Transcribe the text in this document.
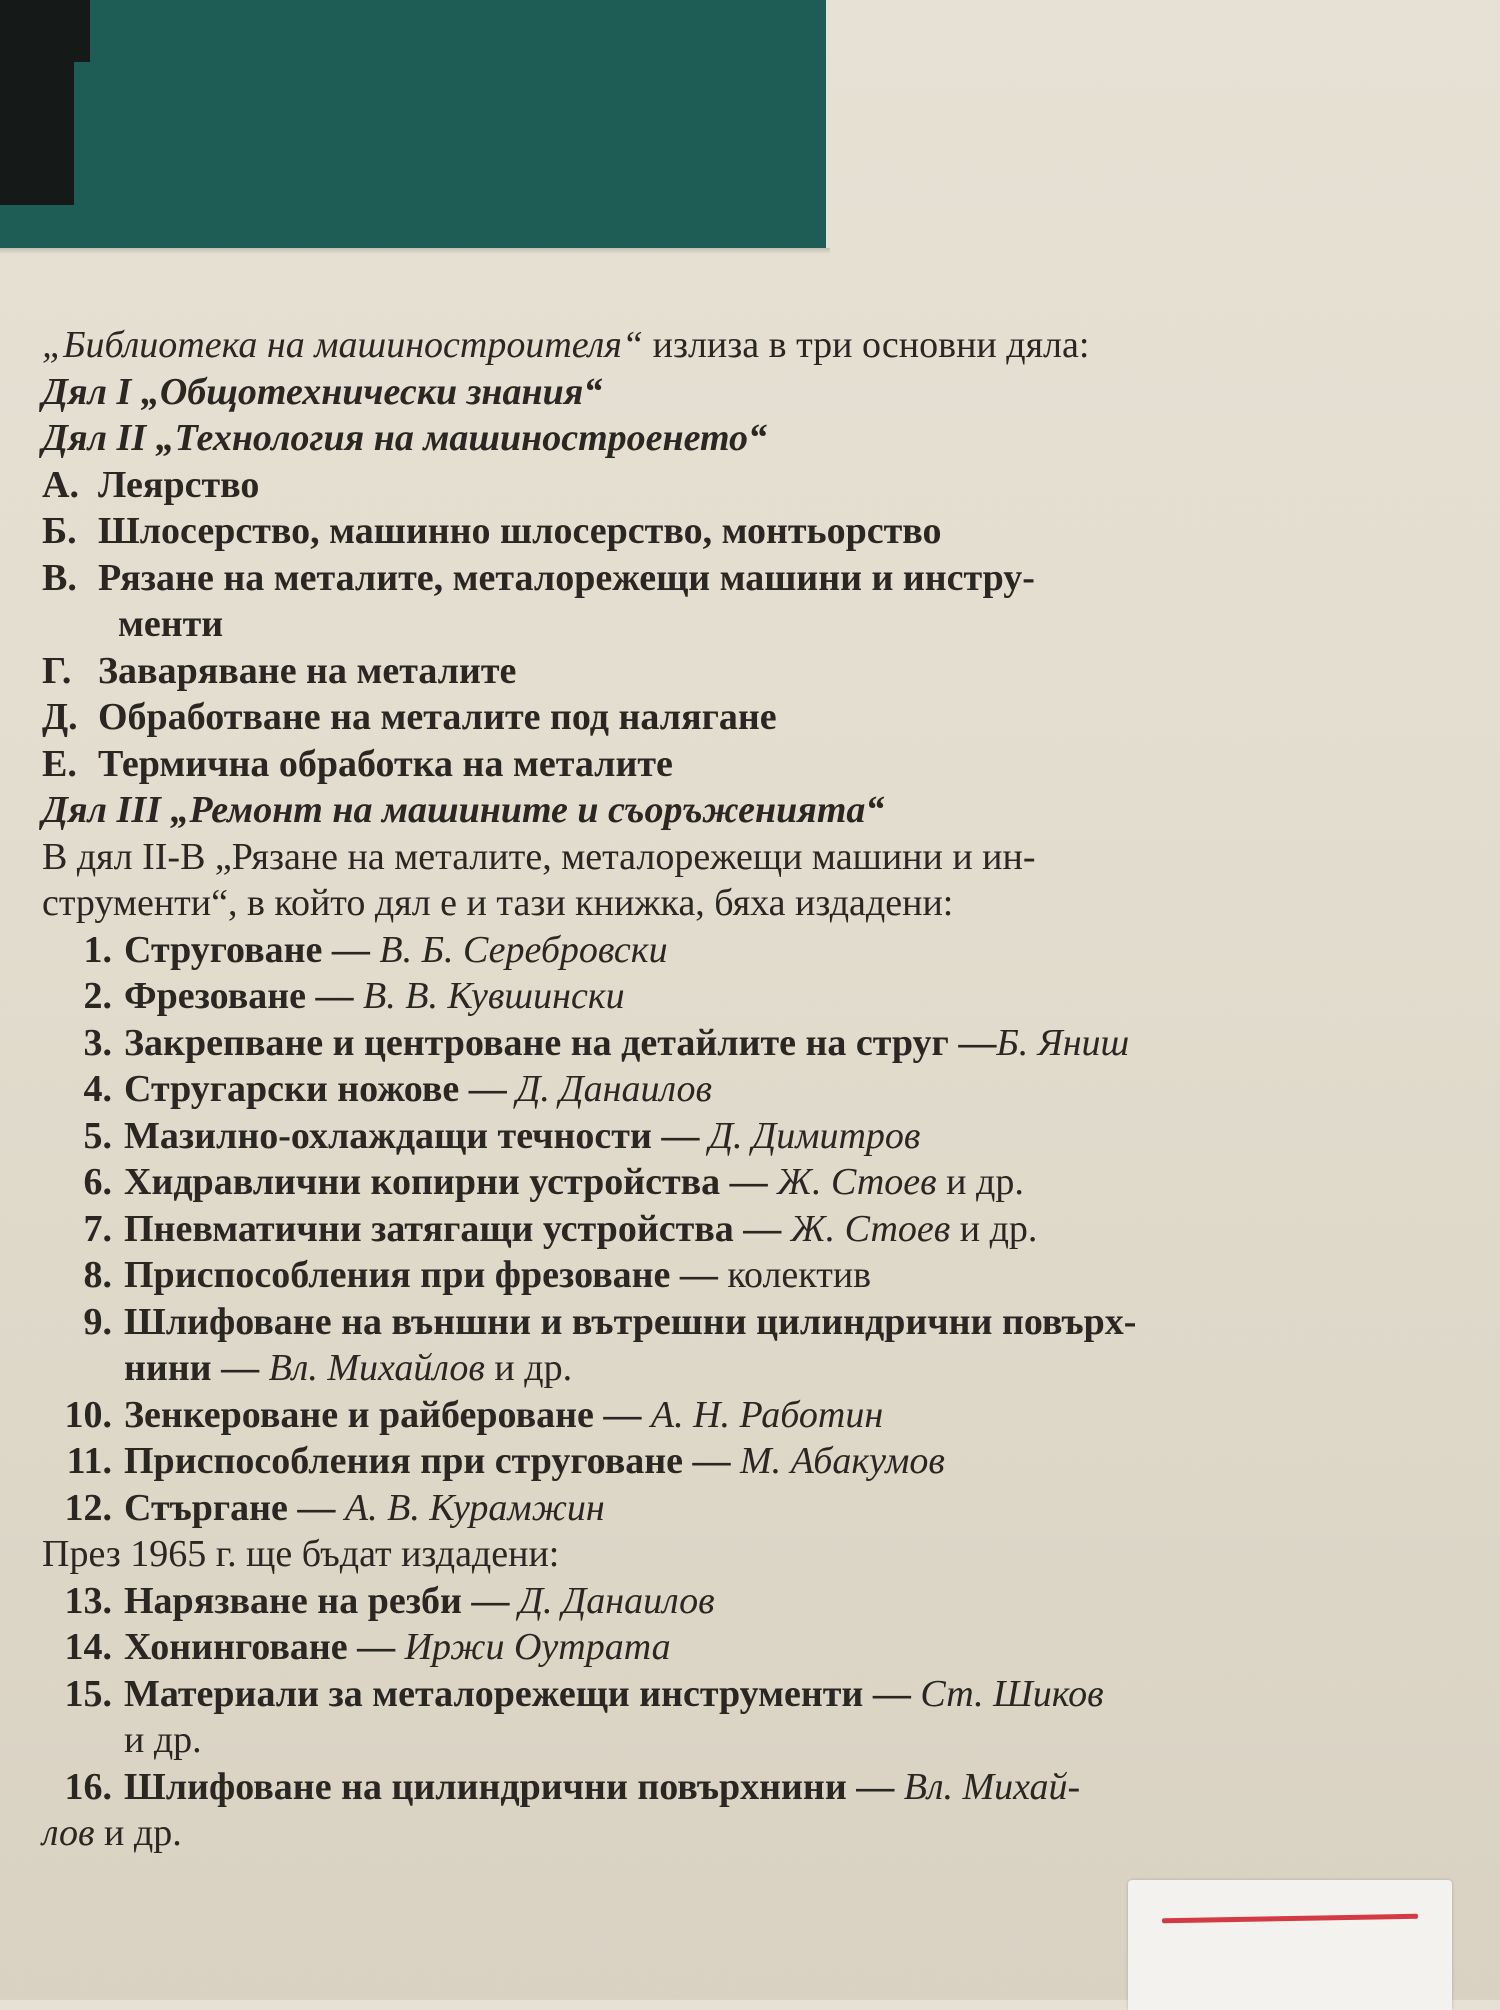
„Библиотека на машиностроителя“ излиза в три основни дяла:
Дял I „Общотехнически знания“
Дял II „Технология на машиностроенето“
А. Леярство
Б. Шлосерство, машинно шлосерство, монтьорство
В. Рязане на металите, металорежещи машини и инстру-
менти
Г. Заваряване на металите
Д. Обработване на металите под налягане
Е. Термична обработка на металите
Дял III „Ремонт на машините и съоръженията“
В дял II-В „Рязане на металите, металорежещи машини и ин-
струменти“, в който дял е и тази книжка, бяха издадени:
1. Струговане — В. Б. Серебровски
2. Фрезоване — В. В. Кувшински
3. Закрепване и центроване на детайлите на струг —Б. Яниш
4. Стругарски ножове — Д. Данаилов
5. Мазилно-охлаждащи течности — Д. Димитров
6. Хидравлични копирни устройства — Ж. Стоев и др.
7. Пневматични затягащи устройства — Ж. Стоев и др.
8. Приспособления при фрезоване — колектив
9. Шлифоване на външни и вътрешни цилиндрични повърх-
нини — Вл. Михайлов и др.
10. Зенкероване и райбероване — А. Н. Работин
11. Приспособления при струговане — М. Абакумов
12. Стъргане — А. В. Курамжин
През 1965 г. ще бъдат издадени:
13. Нарязване на резби — Д. Данаилов
14. Хонинговане — Иржи Оутрата
15. Материали за металорежещи инструменти — Ст. Шиков
и др.
16. Шлифоване на цилиндрични повърхнини — Вл. Михай-
лов и др.
